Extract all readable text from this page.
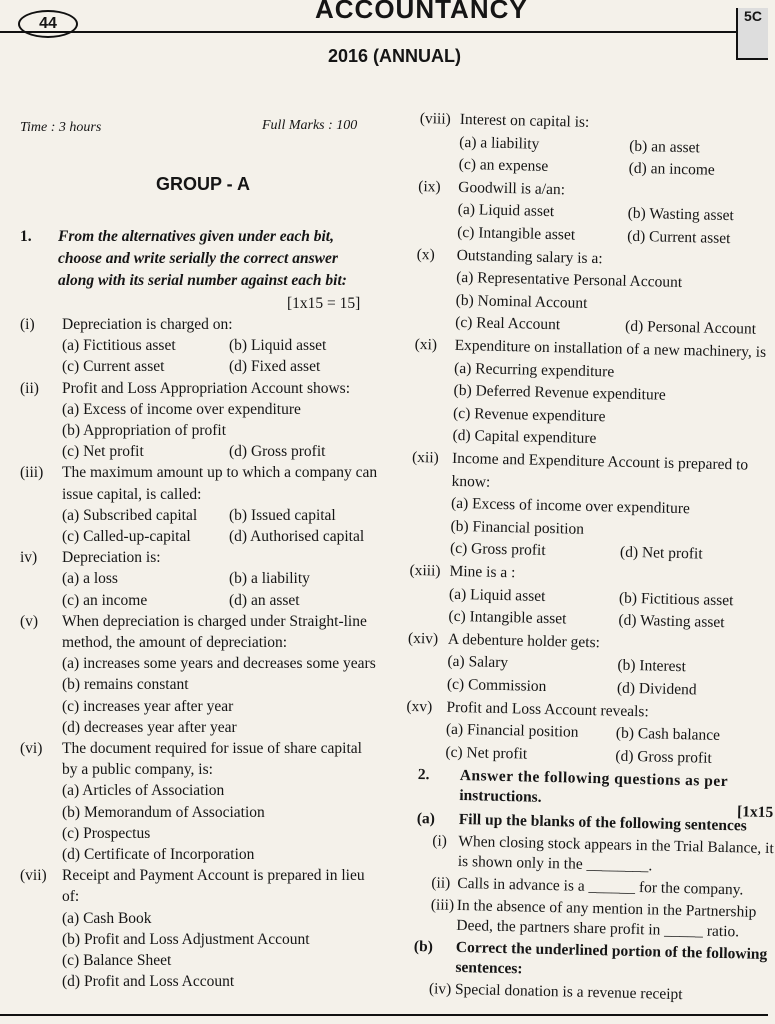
44	ACCOUNTANCY	5C
2016 (ANNUAL)
Time : 3 hours	Full Marks : 100
GROUP - A
1. From the alternatives given under each bit,
choose and write serially the correct answer
along with its serial number against each bit:
[1x15 = 15]
(i) Depreciation is charged on:
(a) Fictitious asset	(b) Liquid asset
(c) Current asset	(d) Fixed asset
(ii) Profit and Loss Appropriation Account shows:
(a) Excess of income over expenditure
(b) Appropriation of profit
(c) Net profit	(d) Gross profit
(iii) The maximum amount up to which a company can
issue capital, is called:
(a) Subscribed capital (b) Issued capital
(c) Called-up-capital (d) Authorised capital
iv) Depreciation is:
(a) a loss	(b) a liability
(c) an income	(d) an asset
(v) When depreciation is charged under Straight-line
method, the amount of depreciation:
(a) increases some years and decreases some years
(b) remains constant
(c) increases year after year
(d) decreases year after year
(vi) The document required for issue of share capital
by a public company, is:
(a) Articles of Association
(b) Memorandum of Association
(c) Prospectus
(d) Certificate of Incorporation
(vii) Receipt and Payment Account is prepared in lieu
of:
(a) Cash Book
(b) Profit and Loss Adjustment Account
(c) Balance Sheet
(d) Profit and Loss Account
(viii) Interest on capital is:
(a) a liability	(b) an asset
(c) an expense	(d) an income
(ix) Goodwill is a/an:
(a) Liquid asset	(b) Wasting asset
(c) Intangible asset	(d) Current asset
(x) Outstanding salary is a:
(a) Representative Personal Account
(b) Nominal Account
(c) Real Account	(d) Personal Account
(xi) Expenditure on installation of a new machinery, is
(a) Recurring expenditure
(b) Deferred Revenue expenditure
(c) Revenue expenditure
(d) Capital expenditure
(xii) Income and Expenditure Account is prepared to
know:
(a) Excess of income over expenditure
(b) Financial position
(c) Gross profit	(d) Net profit
(xiii) Mine is a :
(a) Liquid asset	(b) Fictitious asset
(c) Intangible asset	(d) Wasting asset
(xiv) A debenture holder gets:
(a) Salary	(b) Interest
(c) Commission	(d) Dividend
(xv) Profit and Loss Account reveals:
(a) Financial position (b) Cash balance
(c) Net profit	(d) Gross profit
2. Answer the following questions as per
instructions.
[1x15
(a) Fill up the blanks of the following sentences
(i) When closing stock appears in the Trial Balance, it
is shown only in the ________.
(ii) Calls in advance is a ______ for the company.
(iii) In the absence of any mention in the Partnership
Deed, the partners share profit in _____ ratio.
(b) Correct the underlined portion of the following
sentences:
(iv) Special donation is a revenue receipt
